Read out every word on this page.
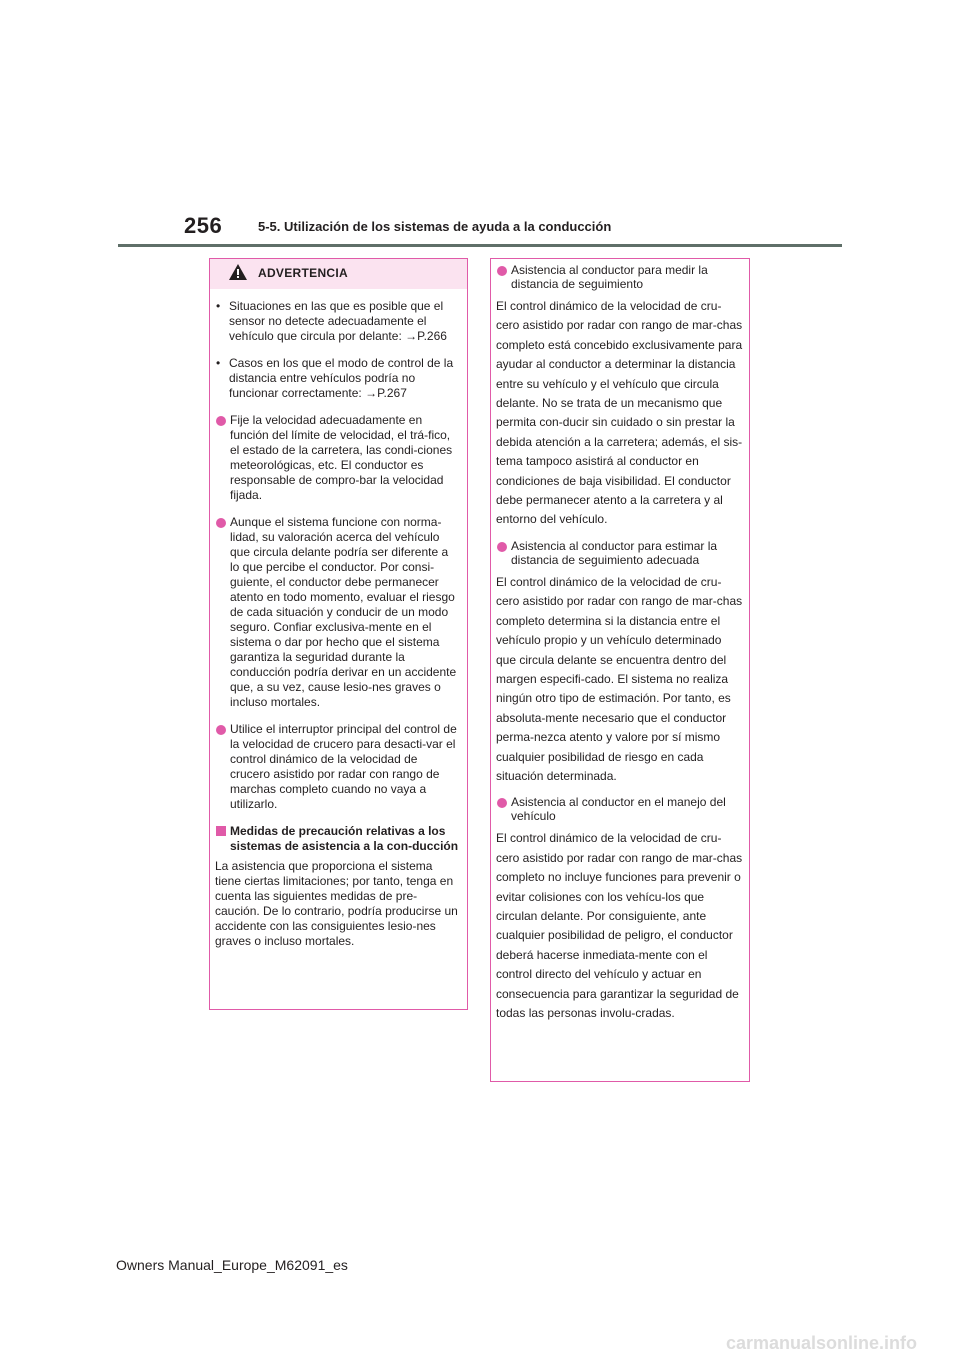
256	5-5. Utilización de los sistemas de ayuda a la conducción
ADVERTENCIA
• Situaciones en las que es posible que el sensor no detecte adecuadamente el vehículo que circula por delante: →P.266
• Casos en los que el modo de control de la distancia entre vehículos podría no funcionar correctamente: →P.267
Fije la velocidad adecuadamente en función del límite de velocidad, el trá-fico, el estado de la carretera, las condi-ciones meteorológicas, etc. El conductor es responsable de compro-bar la velocidad fijada.
Aunque el sistema funcione con norma-lidad, su valoración acerca del vehículo que circula delante podría ser diferente a lo que percibe el conductor. Por consi-guiente, el conductor debe permanecer atento en todo momento, evaluar el riesgo de cada situación y conducir de un modo seguro. Confiar exclusiva-mente en el sistema o dar por hecho que el sistema garantiza la seguridad durante la conducción podría derivar en un accidente que, a su vez, cause lesio-nes graves o incluso mortales.
Utilice el interruptor principal del control de la velocidad de crucero para desacti-var el control dinámico de la velocidad de crucero asistido por radar con rango de marchas completo cuando no vaya a utilizarlo.
Medidas de precaución relativas a los sistemas de asistencia a la con-ducción

La asistencia que proporciona el sistema tiene ciertas limitaciones; por tanto, tenga en cuenta las siguientes medidas de pre-caución. De lo contrario, podría producirse un accidente con las consiguientes lesio-nes graves o incluso mortales.

Asistencia al conductor para medir la distancia de seguimiento
El control dinámico de la velocidad de cru-cero asistido por radar con rango de mar-chas completo está concebido exclusivamente para ayudar al conductor a determinar la distancia entre su vehículo y el vehículo que circula delante. No se trata de un mecanismo que permita con-ducir sin cuidado o sin prestar la debida atención a la carretera; además, el sis-tema tampoco asistirá al conductor en condiciones de baja visibilidad. El conductor debe permanecer atento a la carretera y al entorno del vehículo.
Asistencia al conductor para estimar la distancia de seguimiento adecuada
El control dinámico de la velocidad de cru-cero asistido por radar con rango de mar-chas completo determina si la distancia entre el vehículo propio y un vehículo determinado que circula delante se encuentra dentro del margen especifi-cado. El sistema no realiza ningún otro tipo de estimación. Por tanto, es absoluta-mente necesario que el conductor perma-nezca atento y valore por sí mismo cualquier posibilidad de riesgo en cada situación determinada.
Asistencia al conductor en el manejo del vehículo
El control dinámico de la velocidad de cru-cero asistido por radar con rango de mar-chas completo no incluye funciones para prevenir o evitar colisiones con los vehícu-los que circulan delante. Por consiguiente, ante cualquier posibilidad de peligro, el conductor deberá hacerse inmediata-mente con el control directo del vehículo y actuar en consecuencia para garantizar la seguridad de todas las personas involu-cradas.
Owners Manual_Europe_M62091_es
carmanualsonline.info
